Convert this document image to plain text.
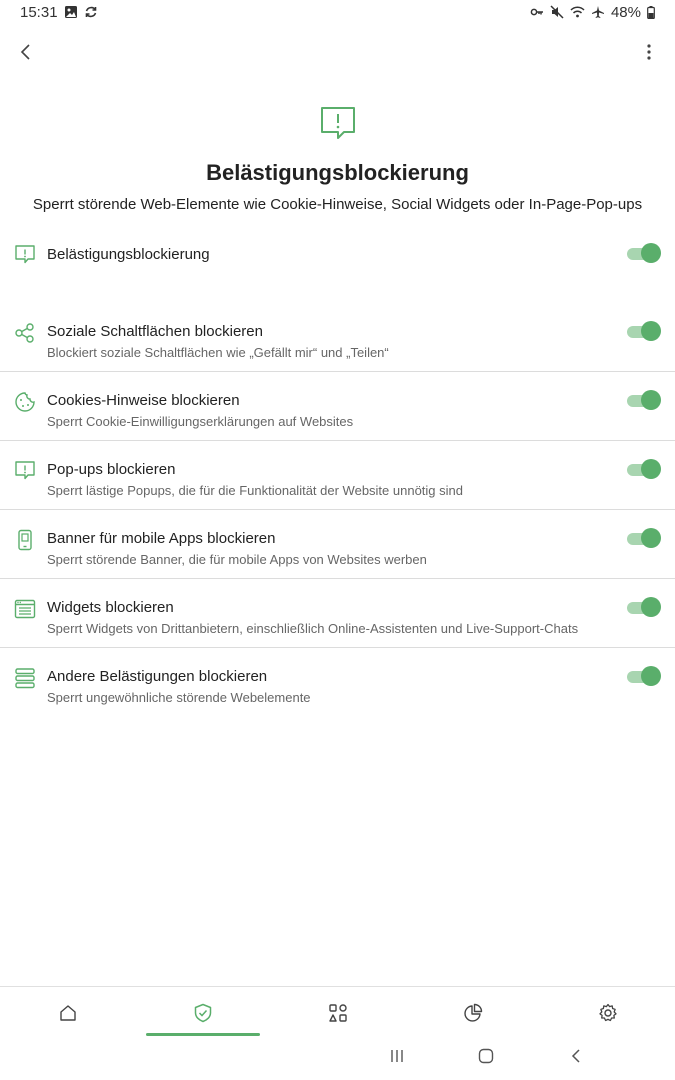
15:31	48%
Belästigungsblockierung

Sperrt störende Web-Elemente wie Cookie-Hinweise, Social Widgets oder In-Page-Pop-ups

Belästigungsblockierung
Soziale Schaltflächen blockieren
Blockiert soziale Schaltflächen wie „Gefällt mir“ und „Teilen“
Cookies-Hinweise blockieren
Sperrt Cookie-Einwilligungserklärungen auf Websites
Pop-ups blockieren
Sperrt lästige Popups, die für die Funktionalität der Website unnötig sind
Banner für mobile Apps blockieren
Sperrt störende Banner, die für mobile Apps von Websites werben
Widgets blockieren
Sperrt Widgets von Drittanbietern, einschließlich Online-Assistenten und Live-Support-Chats
Andere Belästigungen blockieren
Sperrt ungewöhnliche störende Webelemente
